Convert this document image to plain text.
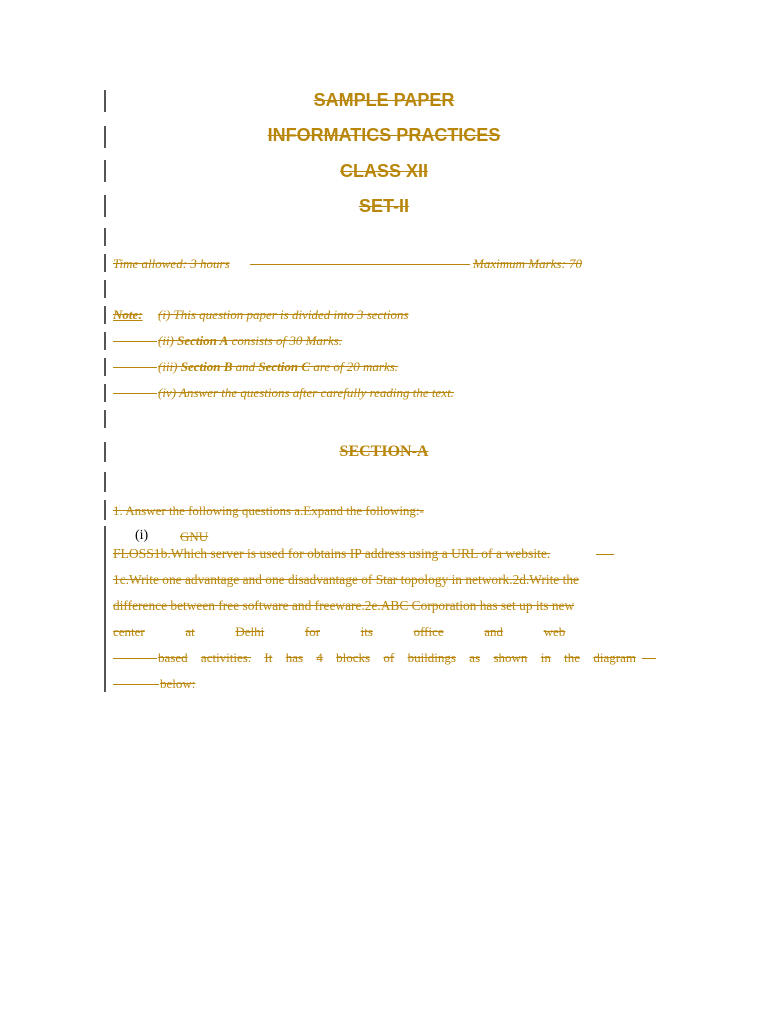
SAMPLE PAPER
INFORMATICS PRACTICES
CLASS XII
SET-II
Time allowed: 3 hours	Maximum Marks: 70
Note: (i) This question paper is divided into 3 sections
(ii) Section A consists of 30 Marks.
(iii) Section B and Section C are of 20 marks.
(iv) Answer the questions after carefully reading the text.
SECTION-A
1. Answer the following questions a.Expand the following:-
(i) GNU
FLOSS1b.Which server is used for obtains IP address using a URL of a website.
1c.Write one advantage and one disadvantage of Star topology in network.2d.Write the
difference between free software and freeware.2e.ABC Corporation has set up its new
center	at	Delhi	for	its	office	and	web
based activities. It has 4 blocks of buildings as shown in the diagram
below:
